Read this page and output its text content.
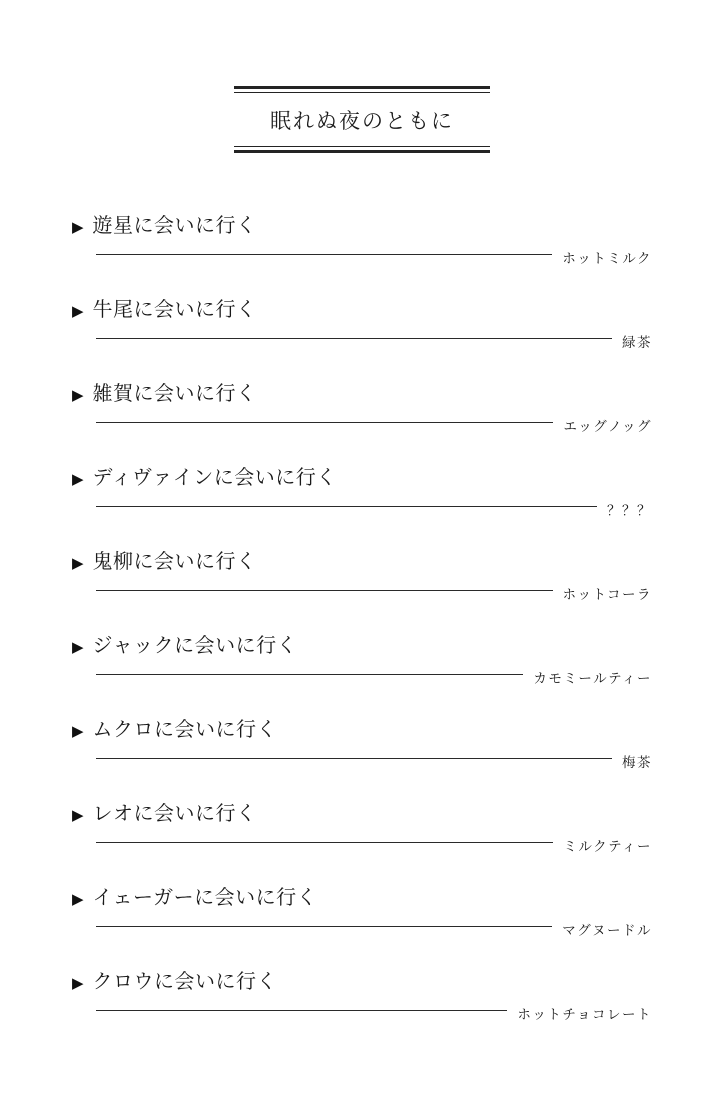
眠れぬ夜のともに
▶ 遊星に会いに行く
ホットミルク
▶ 牛尾に会いに行く
緑茶
▶ 雑賀に会いに行く
エッグノッグ
▶ ディヴァインに会いに行く
？？？
▶ 鬼柳に会いに行く
ホットコーラ
▶ ジャックに会いに行く
カモミールティー
▶ ムクロに会いに行く
梅茶
▶ レオに会いに行く
ミルクティー
▶ イェーガーに会いに行く
マグヌードル
▶ クロウに会いに行く
ホットチョコレート
